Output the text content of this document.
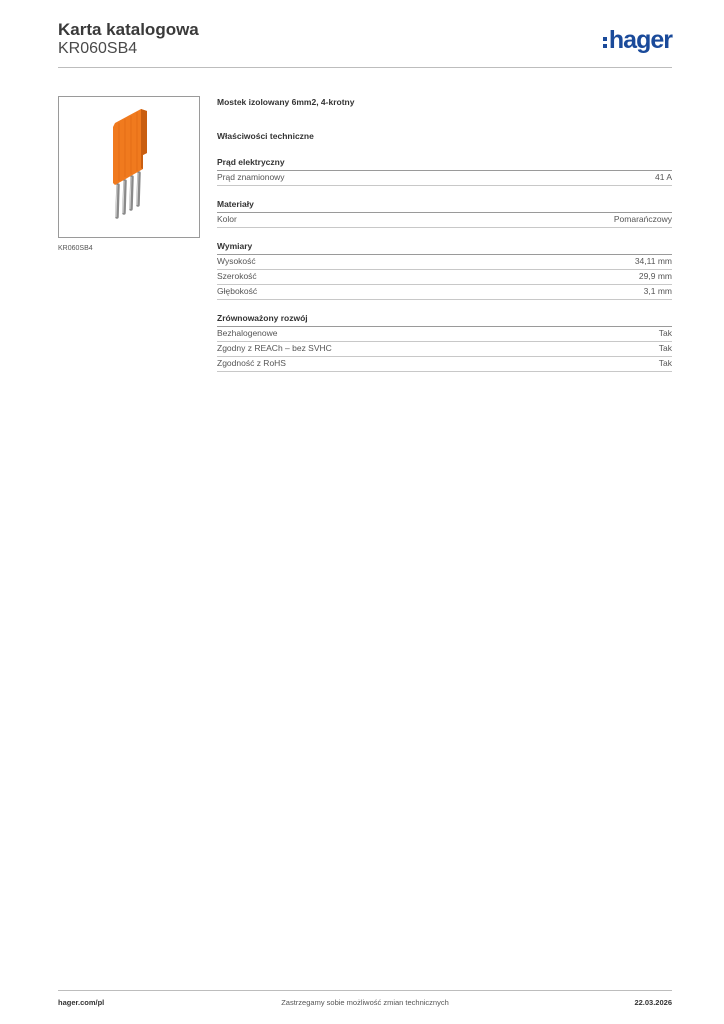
Karta katalogowa
KR060SB4	hager
KR060SB4
Mostek izolowany 6mm2, 4-krotny
Właściwości techniczne
Prąd elektryczny
Prąd znamionowy	41 A
Materiały
Kolor	Pomarańczowy
Wymiary
Wysokość	34,11 mm
Szerokość	29,9 mm
Głębokość	3,1 mm
Zrównoważony rozwój
Bezhalogenowe	Tak
Zgodny z REACh – bez SVHC	Tak
Zgodność z RoHS	Tak
hager.com/pl	Zastrzegamy sobie możliwość zmian technicznych	22.03.2026
